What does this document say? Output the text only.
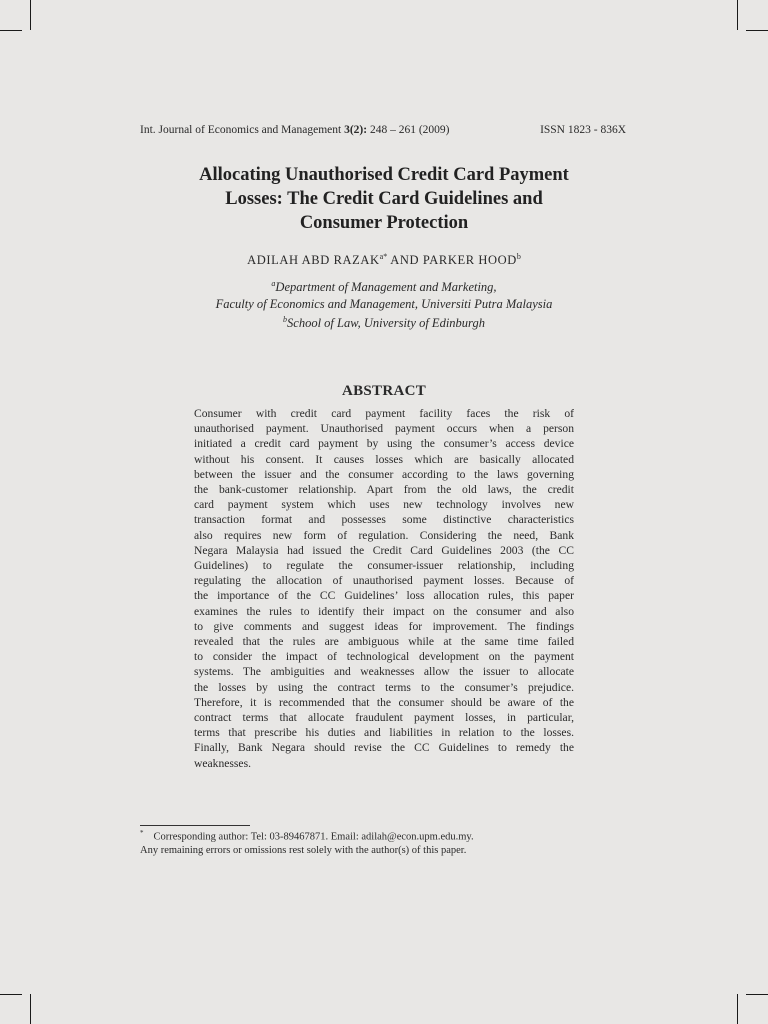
Int. Journal of Economics and Management 3(2): 248 – 261 (2009)	ISSN 1823 - 836X
Allocating Unauthorised Credit Card Payment
Losses: The Credit Card Guidelines and
Consumer Protection
ADILAH ABD $RAZAK^{a*}$ AND PARKER HOOD$^b$
$^a$Department of Management and Marketing,
Faculty of Economics and Management, Universiti Putra Malaysia
$^b$School of Law, University of Edinburgh
ABSTRACT
Consumer with credit card payment facility faces the risk of
unauthorised payment. Unauthorised payment occurs when a person
initiated a credit card payment by using the consumer’s access device
without his consent. It causes losses which are basically allocated
between the issuer and the consumer according to the laws governing
the bank-customer relationship. Apart from the old laws, the credit
card payment system which uses new technology involves new
transaction format and possesses some distinctive characteristics
also requires new form of regulation. Considering the need, Bank
Negara Malaysia had issued the Credit Card Guidelines 2003 (the CC
Guidelines) to regulate the consumer-issuer relationship, including
regulating the allocation of unauthorised payment losses. Because of
the importance of the CC Guidelines’ loss allocation rules, this paper
examines the rules to identify their impact on the consumer and also
to give comments and suggest ideas for improvement. The findings
revealed that the rules are ambiguous while at the same time failed
to consider the impact of technological development on the payment
systems. The ambiguities and weaknesses allow the issuer to allocate
the losses by using the contract terms to the consumer’s prejudice.
Therefore, it is recommended that the consumer should be aware of the
contract terms that allocate fraudulent payment losses, in particular,
terms that prescribe his duties and liabilities in relation to the losses.
Finally, Bank Negara should revise the CC Guidelines to remedy the
weaknesses.
* Corresponding author: Tel: 03-89467871. Email: adilah@econ.upm.edu.my.
Any remaining errors or omissions rest solely with the author(s) of this paper.
